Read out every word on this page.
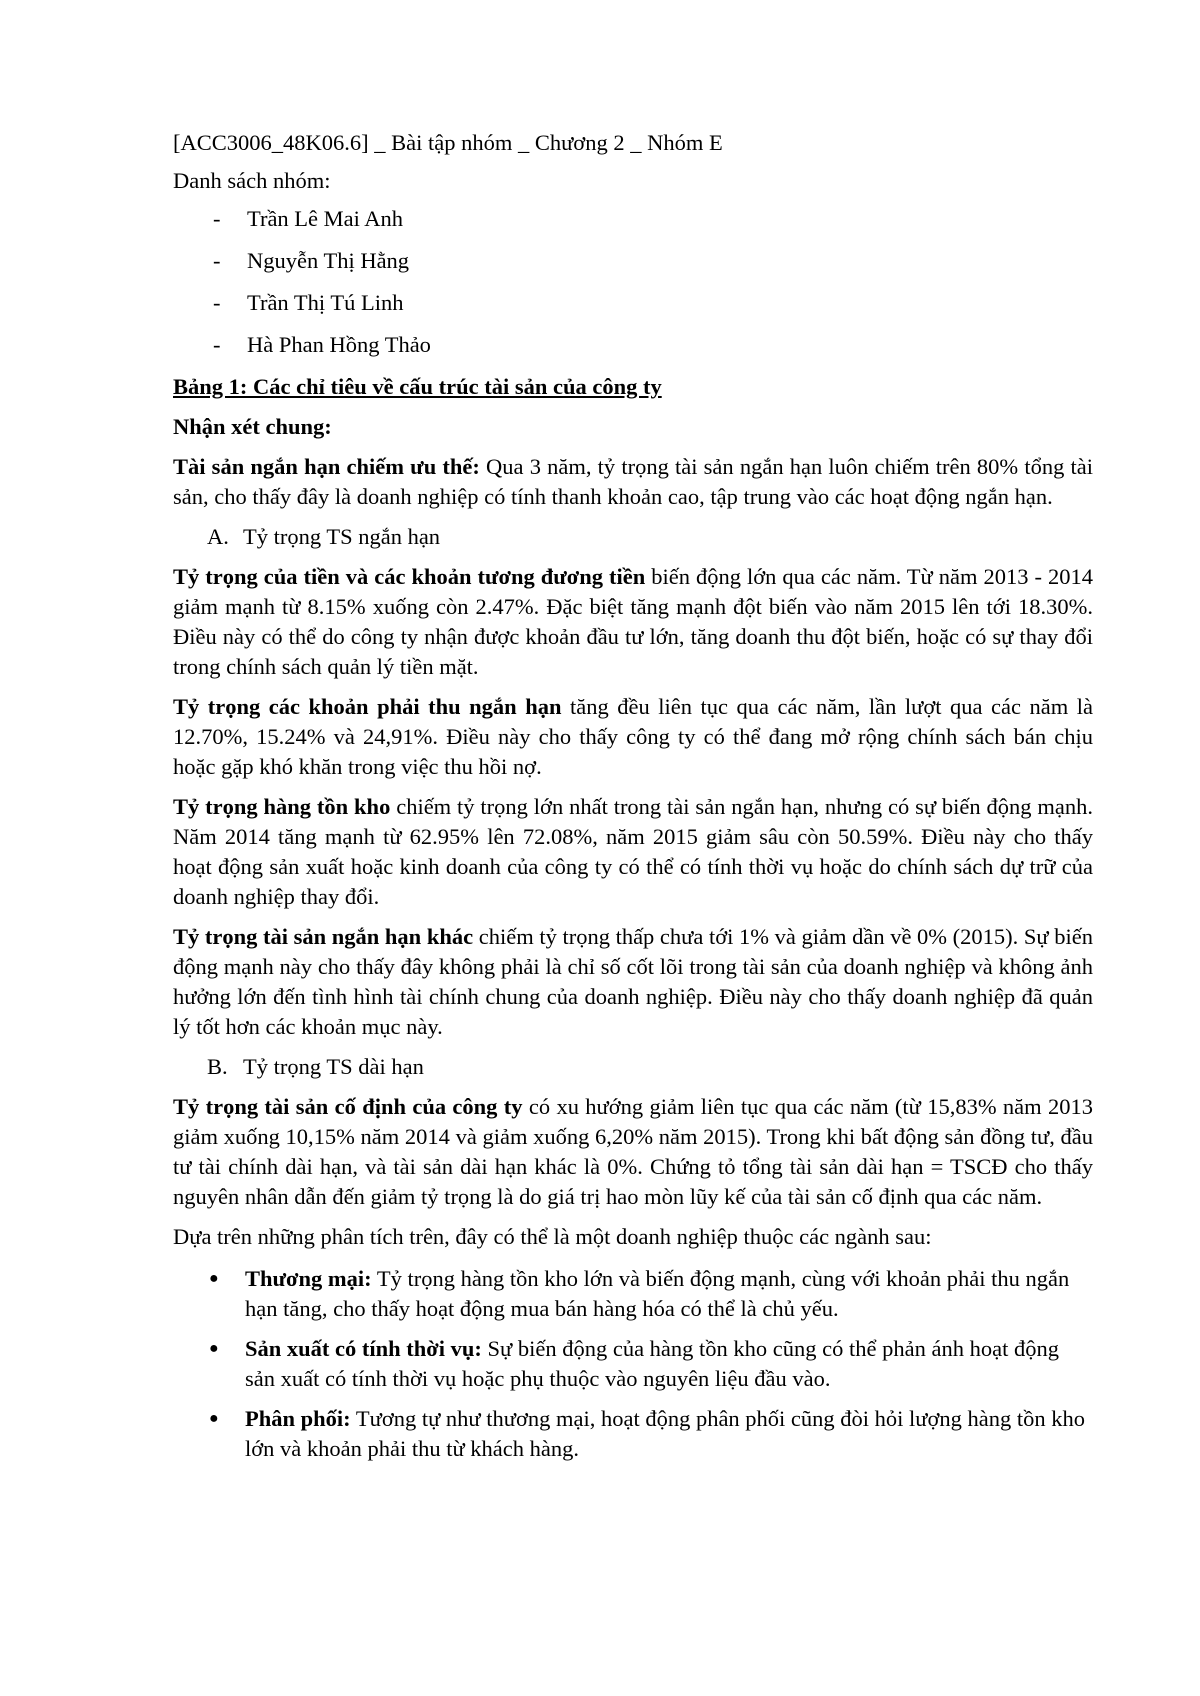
[ACC3006_48K06.6] _ Bài tập nhóm _ Chương 2 _ Nhóm E

Danh sách nhóm:

-	Trần Lê Mai Anh
-	Nguyễn Thị Hằng
-	Trần Thị Tú Linh
-	Hà Phan Hồng Thảo

Bảng 1: Các chỉ tiêu về cấu trúc tài sản của công ty

Nhận xét chung:

Tài sản ngắn hạn chiếm ưu thế: Qua 3 năm, tỷ trọng tài sản ngắn hạn luôn chiếm trên 80% tổng tài sản, cho thấy đây là doanh nghiệp có tính thanh khoản cao, tập trung vào các hoạt động ngắn hạn.

A. Tỷ trọng TS ngắn hạn

Tỷ trọng của tiền và các khoản tương đương tiền biến động lớn qua các năm. Từ năm 2013 - 2014 giảm mạnh từ 8.15% xuống còn 2.47%. Đặc biệt tăng mạnh đột biến vào năm 2015 lên tới 18.30%. Điều này có thể do công ty nhận được khoản đầu tư lớn, tăng doanh thu đột biến, hoặc có sự thay đổi trong chính sách quản lý tiền mặt.

Tỷ trọng các khoản phải thu ngắn hạn tăng đều liên tục qua các năm, lần lượt qua các năm là 12.70%, 15.24% và 24,91%. Điều này cho thấy công ty có thể đang mở rộng chính sách bán chịu hoặc gặp khó khăn trong việc thu hồi nợ.

Tỷ trọng hàng tồn kho chiếm tỷ trọng lớn nhất trong tài sản ngắn hạn, nhưng có sự biến động mạnh. Năm 2014 tăng mạnh từ 62.95% lên 72.08%, năm 2015 giảm sâu còn 50.59%. Điều này cho thấy hoạt động sản xuất hoặc kinh doanh của công ty có thể có tính thời vụ hoặc do chính sách dự trữ của doanh nghiệp thay đổi.

Tỷ trọng tài sản ngắn hạn khác chiếm tỷ trọng thấp chưa tới 1% và giảm dần về 0% (2015). Sự biến động mạnh này cho thấy đây không phải là chỉ số cốt lõi trong tài sản của doanh nghiệp và không ảnh hưởng lớn đến tình hình tài chính chung của doanh nghiệp. Điều này cho thấy doanh nghiệp đã quản lý tốt hơn các khoản mục này.

B. Tỷ trọng TS dài hạn

Tỷ trọng tài sản cố định của công ty có xu hướng giảm liên tục qua các năm (từ 15,83% năm 2013 giảm xuống 10,15% năm 2014 và giảm xuống 6,20% năm 2015). Trong khi bất động sản đồng tư, đầu tư tài chính dài hạn, và tài sản dài hạn khác là 0%. Chứng tỏ tổng tài sản dài hạn = TSCĐ cho thấy nguyên nhân dẫn đến giảm tỷ trọng là do giá trị hao mòn lũy kế của tài sản cố định qua các năm.

Dựa trên những phân tích trên, đây có thể là một doanh nghiệp thuộc các ngành sau:

●	Thương mại: Tỷ trọng hàng tồn kho lớn và biến động mạnh, cùng với khoản phải thu ngắn hạn tăng, cho thấy hoạt động mua bán hàng hóa có thể là chủ yếu.
●	Sản xuất có tính thời vụ: Sự biến động của hàng tồn kho cũng có thể phản ánh hoạt động sản xuất có tính thời vụ hoặc phụ thuộc vào nguyên liệu đầu vào.
●	Phân phối: Tương tự như thương mại, hoạt động phân phối cũng đòi hỏi lượng hàng tồn kho lớn và khoản phải thu từ khách hàng.
